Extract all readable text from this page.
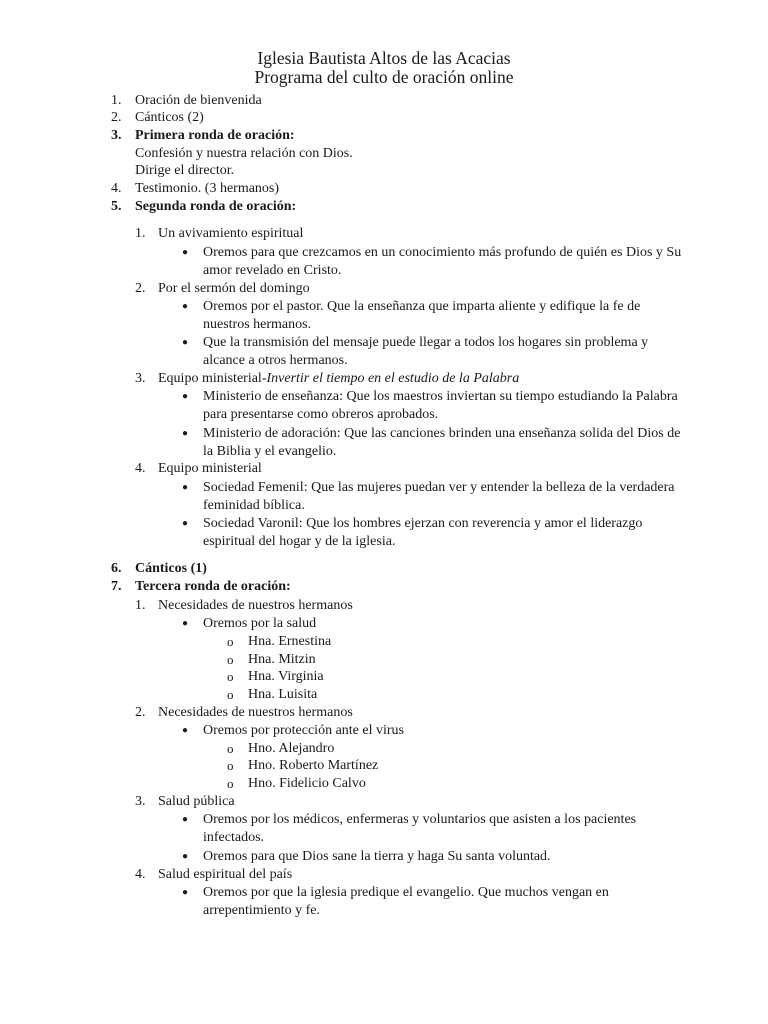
Iglesia Bautista Altos de las Acacias
Programa del culto de oración online
1. Oración de bienvenida
2. Cánticos (2)
3. Primera ronda de oración:
Confesión y nuestra relación con Dios.
Dirige el director.
4. Testimonio. (3 hermanos)
5. Segunda ronda de oración:
1. Un avivamiento espiritual
● Oremos para que crezcamos en un conocimiento más profundo de quién es Dios y Su
amor revelado en Cristo.
2. Por el sermón del domingo
● Oremos por el pastor. Que la enseñanza que imparta aliente y edifique la fe de
nuestros hermanos.
● Que la transmisión del mensaje puede llegar a todos los hogares sin problema y
alcance a otros hermanos.
3. Equipo ministerial-Invertir el tiempo en el estudio de la Palabra
● Ministerio de enseñanza: Que los maestros inviertan su tiempo estudiando la Palabra
para presentarse como obreros aprobados.
● Ministerio de adoración: Que las canciones brinden una enseñanza solida del Dios de
la Biblia y el evangelio.
4. Equipo ministerial
● Sociedad Femenil: Que las mujeres puedan ver y entender la belleza de la verdadera
feminidad bíblica.
● Sociedad Varonil: Que los hombres ejerzan con reverencia y amor el liderazgo
espiritual del hogar y de la iglesia.
6. Cánticos (1)
7. Tercera ronda de oración:
1. Necesidades de nuestros hermanos
● Oremos por la salud
o Hna. Ernestina
o Hna. Mitzin
o Hna. Virginia
o Hna. Luisita
2. Necesidades de nuestros hermanos
● Oremos por protección ante el virus
o Hno. Alejandro
o Hno. Roberto Martínez
o Hno. Fidelicio Calvo
3. Salud pública
● Oremos por los médicos, enfermeras y voluntarios que asisten a los pacientes
infectados.
● Oremos para que Dios sane la tierra y haga Su santa voluntad.
4. Salud espiritual del país
● Oremos por que la iglesia predique el evangelio. Que muchos vengan en
arrepentimiento y fe.
